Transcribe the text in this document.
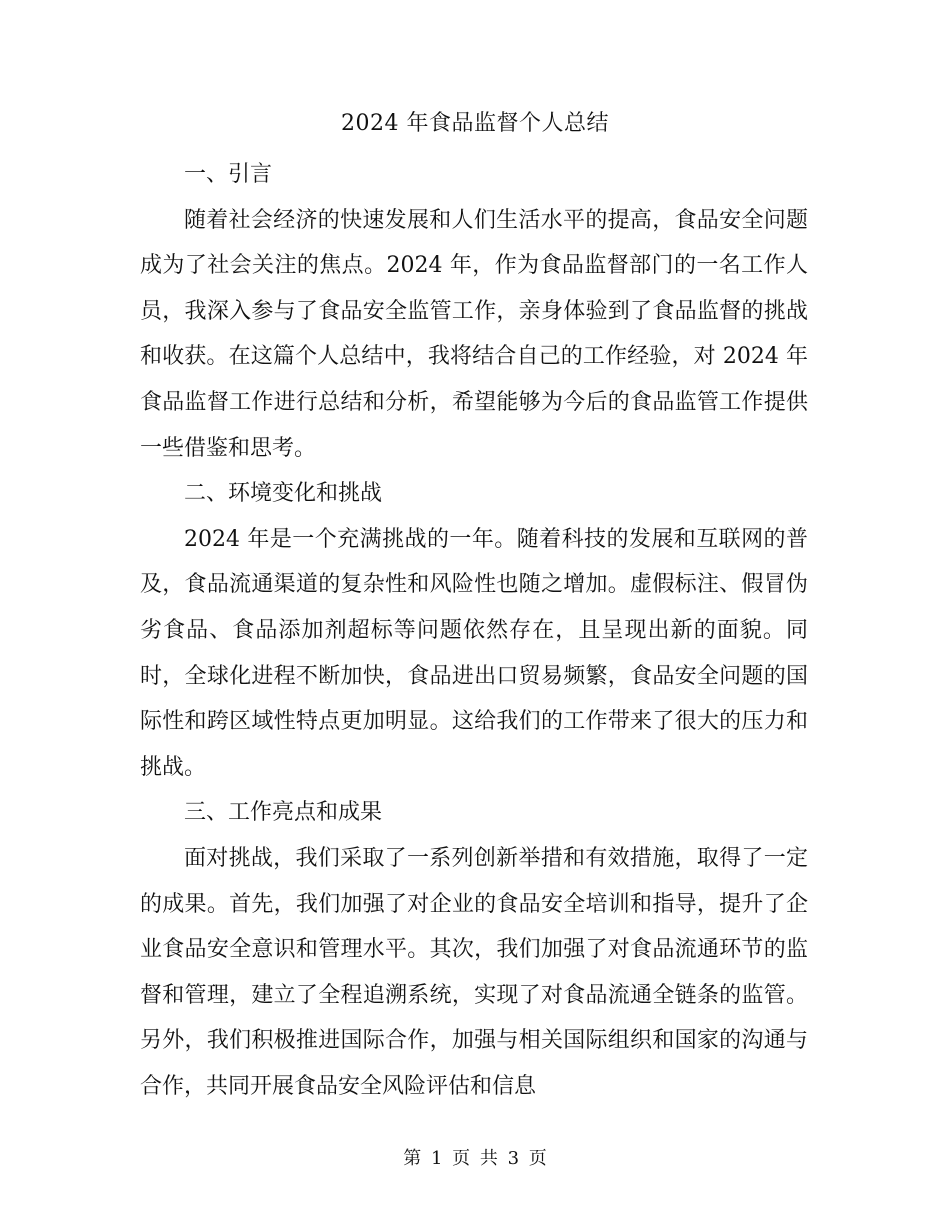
2024 年食品监督个人总结

一、引言

随着社会经济的快速发展和人们生活水平的提高，食品安全问题成为了社会关注的焦点。2024 年，作为食品监督部门的一名工作人员，我深入参与了食品安全监管工作，亲身体验到了食品监督的挑战和收获。在这篇个人总结中，我将结合自己的工作经验，对 2024 年食品监督工作进行总结和分析，希望能够为今后的食品监管工作提供一些借鉴和思考。

二、环境变化和挑战

2024 年是一个充满挑战的一年。随着科技的发展和互联网的普及，食品流通渠道的复杂性和风险性也随之增加。虚假标注、假冒伪劣食品、食品添加剂超标等问题依然存在，且呈现出新的面貌。同时，全球化进程不断加快，食品进出口贸易频繁，食品安全问题的国际性和跨区域性特点更加明显。这给我们的工作带来了很大的压力和挑战。

三、工作亮点和成果

面对挑战，我们采取了一系列创新举措和有效措施，取得了一定的成果。首先，我们加强了对企业的食品安全培训和指导，提升了企业食品安全意识和管理水平。其次，我们加强了对食品流通环节的监督和管理，建立了全程追溯系统，实现了对食品流通全链条的监管。另外，我们积极推进国际合作，加强与相关国际组织和国家的沟通与合作，共同开展食品安全风险评估和信息

第 1 页 共 3 页
